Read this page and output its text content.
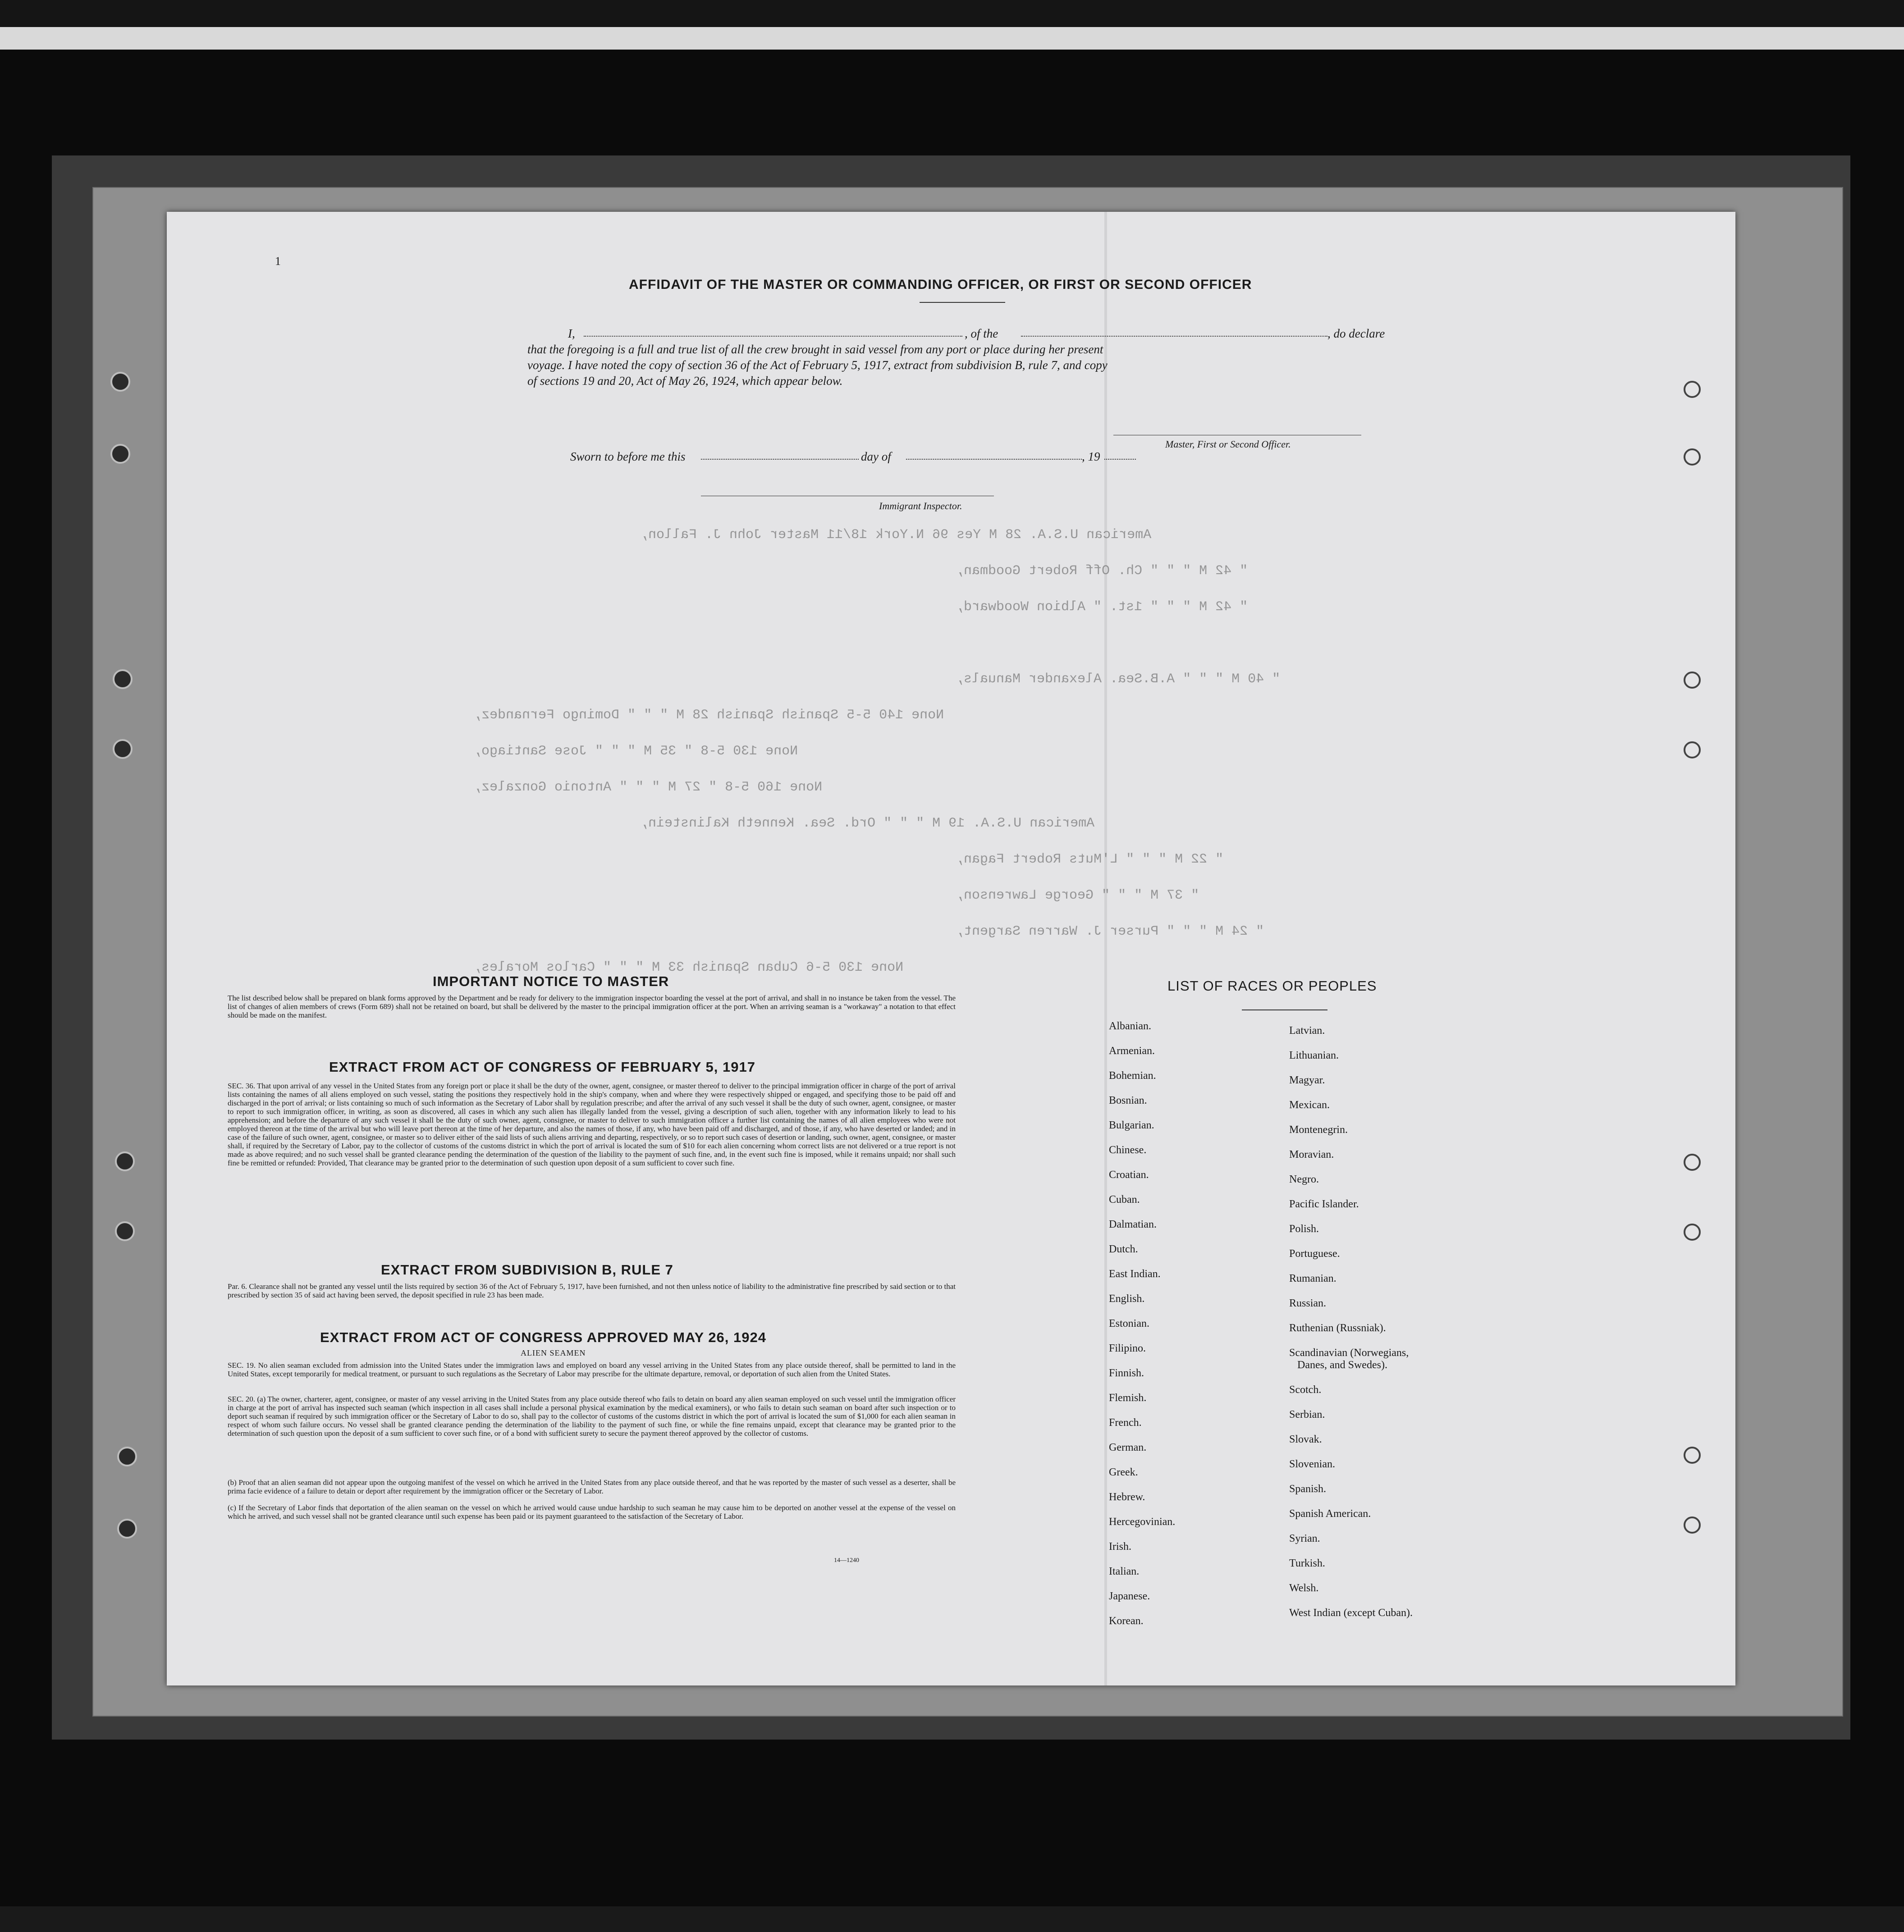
American U.S.A. 28 M Yes 96 N.York 18/11 Master John J. Fallon,
" 42 M " " " Ch. Off Robert Goodman,
" 42 M " " " 1st. " Albion Woodward,
" 40 M " " " A.B.Sea. Alexander Manuals,
None 140 5-5 Spanish Spanish 28 M " " " Domingo Fernandez,
None 130 5-8 " 35 M " " " Jose Santiago,
None 160 5-8 " 27 M " " " Antonio Gonzalez,
American U.S.A. 19 M " " " Ord. Sea. Kenneth Kalinstein,
" 22 M " " " L'Muts Robert Fagan,
" 37 M " " " George Lawrenson,
" 24 M " " " Purser J. Warren Sargent,
None 130 5-6 Cuban Spanish 33 M " " " Carlos Morales,
1
AFFIDAVIT OF THE MASTER OR COMMANDING OFFICER, OR FIRST OR SECOND OFFICER
I,	, of the	, do declare
that the foregoing is a full and true list of all the crew brought in said vessel from any port or place during her present
voyage. I have noted the copy of section 36 of the Act of February 5, 1917, extract from subdivision B, rule 7, and copy
of sections 19 and 20, Act of May 26, 1924, which appear below.
Master, First or Second Officer.
Sworn to before me this	day of	, 19
Immigrant Inspector.
IMPORTANT NOTICE TO MASTER
The list described below shall be prepared on blank forms approved by the Department and be ready for delivery to the immigration inspector boarding the vessel at the port of arrival, and shall in no instance be taken from the vessel. The list of changes of alien members of crews (Form 689) shall not be retained on board, but shall be delivered by the master to the principal immigration officer at the port. When an arriving seaman is a "workaway" a notation to that effect should be made on the manifest.
EXTRACT FROM ACT OF CONGRESS OF FEBRUARY 5, 1917
SEC. 36. That upon arrival of any vessel in the United States from any foreign port or place it shall be the duty of the owner, agent, consignee, or master thereof to deliver to the principal immigration officer in charge of the port of arrival lists containing the names of all aliens employed on such vessel, stating the positions they respectively hold in the ship's company, when and where they were respectively shipped or engaged, and specifying those to be paid off and discharged in the port of arrival; or lists containing so much of such information as the Secretary of Labor shall by regulation prescribe; and after the arrival of any such vessel it shall be the duty of such owner, agent, consignee, or master to report to such immigration officer, in writing, as soon as discovered, all cases in which any such alien has illegally landed from the vessel, giving a description of such alien, together with any information likely to lead to his apprehension; and before the departure of any such vessel it shall be the duty of such owner, agent, consignee, or master to deliver to such immigration officer a further list containing the names of all alien employees who were not employed thereon at the time of the arrival but who will leave port thereon at the time of her departure, and also the names of those, if any, who have been paid off and discharged, and of those, if any, who have deserted or landed; and in case of the failure of such owner, agent, consignee, or master so to deliver either of the said lists of such aliens arriving and departing, respectively, or so to report such cases of desertion or landing, such owner, agent, consignee, or master shall, if required by the Secretary of Labor, pay to the collector of customs of the customs district in which the port of arrival is located the sum of $10 for each alien concerning whom correct lists are not delivered or a true report is not made as above required; and no such vessel shall be granted clearance pending the determination of the question of the liability to the payment of such fine, and, in the event such fine is imposed, while it remains unpaid; nor shall such fine be remitted or refunded: Provided, That clearance may be granted prior to the determination of such question upon deposit of a sum sufficient to cover such fine.
EXTRACT FROM SUBDIVISION B, RULE 7
Par. 6. Clearance shall not be granted any vessel until the lists required by section 36 of the Act of February 5, 1917, have been furnished, and not then unless notice of liability to the administrative fine prescribed by said section or to that prescribed by section 35 of said act having been served, the deposit specified in rule 23 has been made.
EXTRACT FROM ACT OF CONGRESS APPROVED MAY 26, 1924
ALIEN SEAMEN
SEC. 19. No alien seaman excluded from admission into the United States under the immigration laws and employed on board any vessel arriving in the United States from any place outside thereof, shall be permitted to land in the United States, except temporarily for medical treatment, or pursuant to such regulations as the Secretary of Labor may prescribe for the ultimate departure, removal, or deportation of such alien from the United States.
SEC. 20. (a) The owner, charterer, agent, consignee, or master of any vessel arriving in the United States from any place outside thereof who fails to detain on board any alien seaman employed on such vessel until the immigration officer in charge at the port of arrival has inspected such seaman (which inspection in all cases shall include a personal physical examination by the medical examiners), or who fails to detain such seaman on board after such inspection or to deport such seaman if required by such immigration officer or the Secretary of Labor to do so, shall pay to the collector of customs of the customs district in which the port of arrival is located the sum of $1,000 for each alien seaman in respect of whom such failure occurs. No vessel shall be granted clearance pending the determination of the liability to the payment of such fine, or while the fine remains unpaid, except that clearance may be granted prior to the determination of such question upon the deposit of a sum sufficient to cover such fine, or of a bond with sufficient surety to secure the payment thereof approved by the collector of customs.
(b) Proof that an alien seaman did not appear upon the outgoing manifest of the vessel on which he arrived in the United States from any place outside thereof, and that he was reported by the master of such vessel as a deserter, shall be prima facie evidence of a failure to detain or deport after requirement by the immigration officer or the Secretary of Labor.
(c) If the Secretary of Labor finds that deportation of the alien seaman on the vessel on which he arrived would cause undue hardship to such seaman he may cause him to be deported on another vessel at the expense of the vessel on which he arrived, and such vessel shall not be granted clearance until such expense has been paid or its payment guaranteed to the satisfaction of the Secretary of Labor.
14—1240
LIST OF RACES OR PEOPLES
Albanian.
Armenian.
Bohemian.
Bosnian.
Bulgarian.
Chinese.
Croatian.
Cuban.
Dalmatian.
Dutch.
East Indian.
English.
Estonian.
Filipino.
Finnish.
Flemish.
French.
German.
Greek.
Hebrew.
Hercegovinian.
Irish.
Italian.
Japanese.
Korean.
Latvian.
Lithuanian.
Magyar.
Mexican.
Montenegrin.
Moravian.
Negro.
Pacific Islander.
Polish.
Portuguese.
Rumanian.
Russian.
Ruthenian (Russniak).
Scandinavian (Norwegians,
Danes, and Swedes).
Scotch.
Serbian.
Slovak.
Slovenian.
Spanish.
Spanish American.
Syrian.
Turkish.
Welsh.
West Indian (except Cuban).
